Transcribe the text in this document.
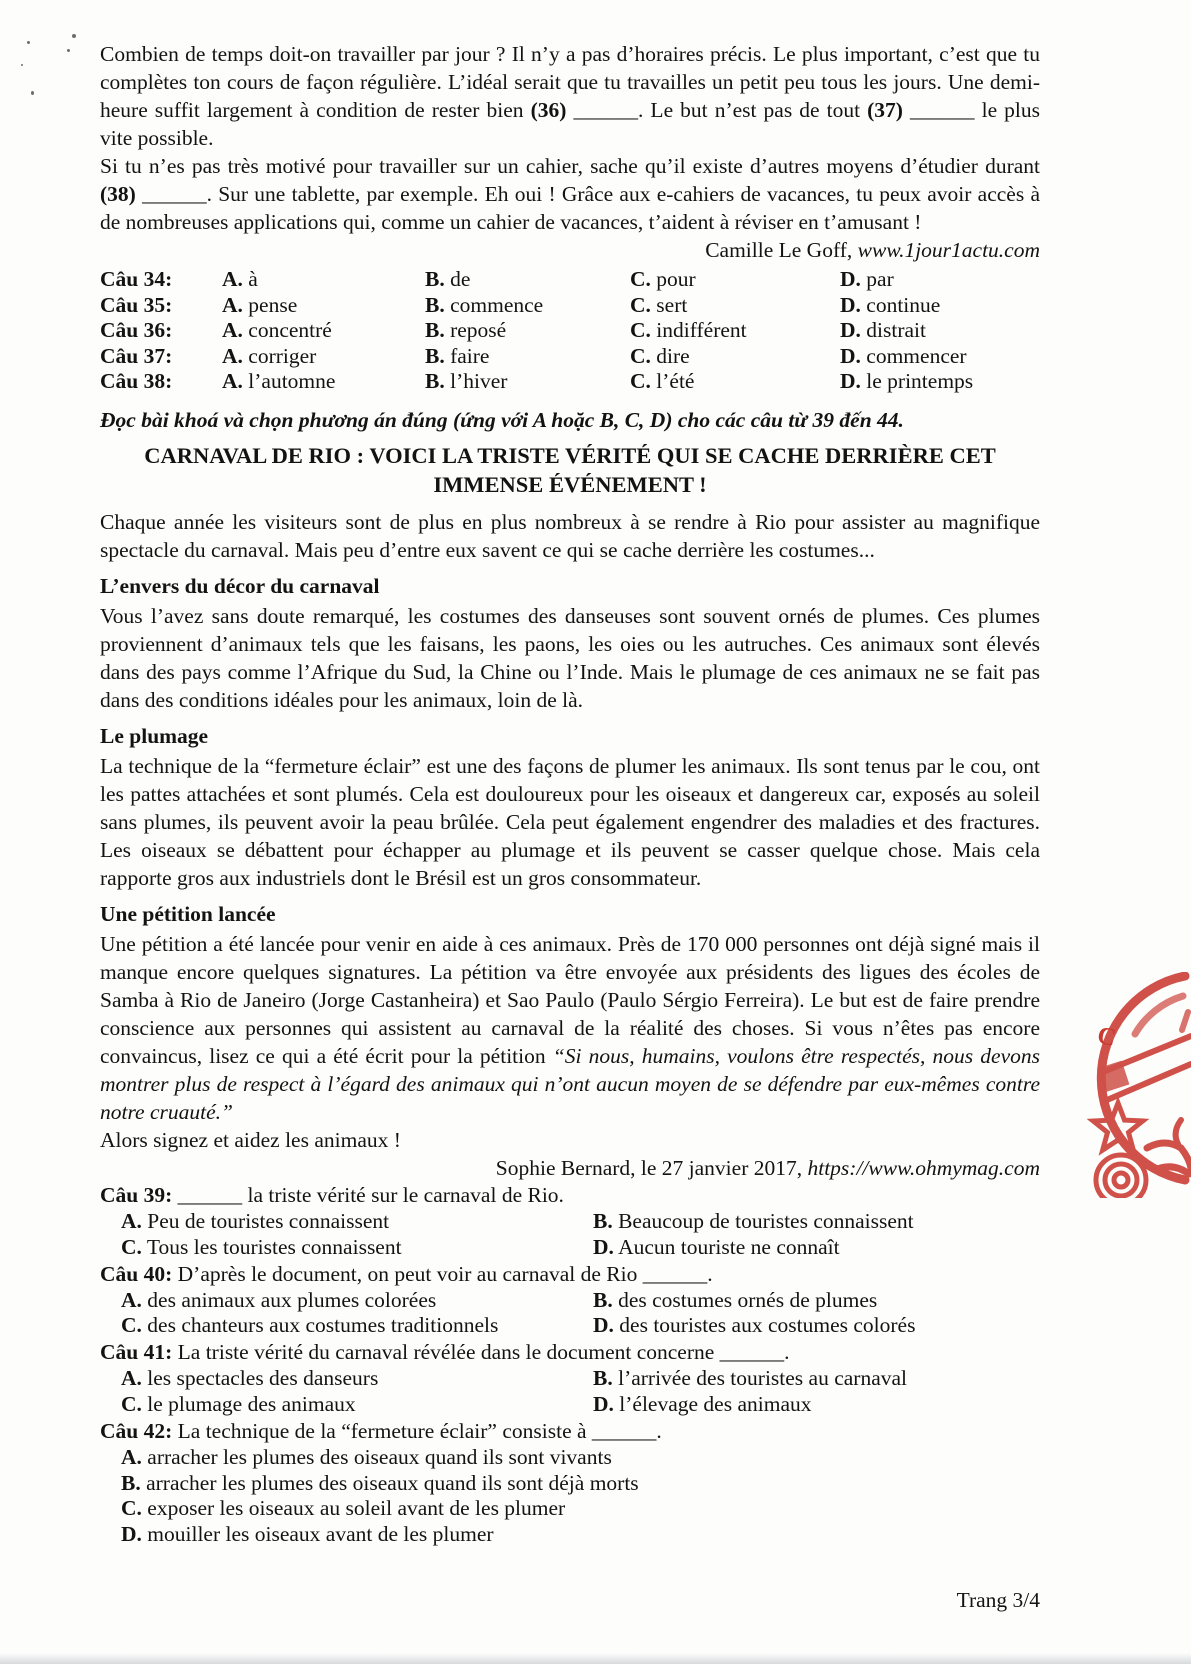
Combien de temps doit-on travailler par jour ? Il n’y a pas d’horaires précis. Le plus important, c’est que tu complètes ton cours de façon régulière. L’idéal serait que tu travailles un petit peu tous les jours. Une demi-heure suffit largement à condition de rester bien (36) ______. Le but n’est pas de tout (37) ______ le plus vite possible.

Si tu n’es pas très motivé pour travailler sur un cahier, sache qu’il existe d’autres moyens d’étudier durant (38) ______. Sur une tablette, par exemple. Eh oui ! Grâce aux e-cahiers de vacances, tu peux avoir accès à de nombreuses applications qui, comme un cahier de vacances, t’aident à réviser en t’amusant !

Camille Le Goff, www.1jour1actu.com

Câu 34:	A. à	B. de	C. pour	D. par
Câu 35:	A. pense	B. commence	C. sert	D. continue
Câu 36:	A. concentré	B. reposé	C. indifférent	D. distrait
Câu 37:	A. corriger	B. faire	C. dire	D. commencer
Câu 38:	A. l’automne	B. l’hiver	C. l’été	D. le printemps

Đọc bài khoá và chọn phương án đúng (ứng với A hoặc B, C, D) cho các câu từ 39 đến 44.

CARNAVAL DE RIO : VOICI LA TRISTE VÉRITÉ QUI SE CACHE DERRIÈRE CET IMMENSE ÉVÉNEMENT !

Chaque année les visiteurs sont de plus en plus nombreux à se rendre à Rio pour assister au magnifique spectacle du carnaval. Mais peu d’entre eux savent ce qui se cache derrière les costumes...

L’envers du décor du carnaval

Vous l’avez sans doute remarqué, les costumes des danseuses sont souvent ornés de plumes. Ces plumes proviennent d’animaux tels que les faisans, les paons, les oies ou les autruches. Ces animaux sont élevés dans des pays comme l’Afrique du Sud, la Chine ou l’Inde. Mais le plumage de ces animaux ne se fait pas dans des conditions idéales pour les animaux, loin de là.

Le plumage

La technique de la “fermeture éclair” est une des façons de plumer les animaux. Ils sont tenus par le cou, ont les pattes attachées et sont plumés. Cela est douloureux pour les oiseaux et dangereux car, exposés au soleil sans plumes, ils peuvent avoir la peau brûlée. Cela peut également engendrer des maladies et des fractures. Les oiseaux se débattent pour échapper au plumage et ils peuvent se casser quelque chose. Mais cela rapporte gros aux industriels dont le Brésil est un gros consommateur.

Une pétition lancée

Une pétition a été lancée pour venir en aide à ces animaux. Près de 170 000 personnes ont déjà signé mais il manque encore quelques signatures. La pétition va être envoyée aux présidents des ligues des écoles de Samba à Rio de Janeiro (Jorge Castanheira) et Sao Paulo (Paulo Sérgio Ferreira). Le but est de faire prendre conscience aux personnes qui assistent au carnaval de la réalité des choses. Si vous n’êtes pas encore convaincus, lisez ce qui a été écrit pour la pétition “Si nous, humains, voulons être respectés, nous devons montrer plus de respect à l’égard des animaux qui n’ont aucun moyen de se défendre par eux-mêmes contre notre cruauté.”

Alors signez et aidez les animaux !

Sophie Bernard, le 27 janvier 2017, https://www.ohmymag.com

Câu 39: ______ la triste vérité sur le carnaval de Rio.

A. Peu de touristes connaissent	B. Beaucoup de touristes connaissent
C. Tous les touristes connaissent	D. Aucun touriste ne connaît

Câu 40: D’après le document, on peut voir au carnaval de Rio ______.

A. des animaux aux plumes colorées	B. des costumes ornés de plumes
C. des chanteurs aux costumes traditionnels	D. des touristes aux costumes colorés

Câu 41: La triste vérité du carnaval révélée dans le document concerne ______.

A. les spectacles des danseurs	B. l’arrivée des touristes au carnaval
C. le plumage des animaux	D. l’élevage des animaux

Câu 42: La technique de la “fermeture éclair” consiste à ______.

A. arracher les plumes des oiseaux quand ils sont vivants
B. arracher les plumes des oiseaux quand ils sont déjà morts
C. exposer les oiseaux au soleil avant de les plumer
D. mouiller les oiseaux avant de les plumer
C
Trang 3/4
